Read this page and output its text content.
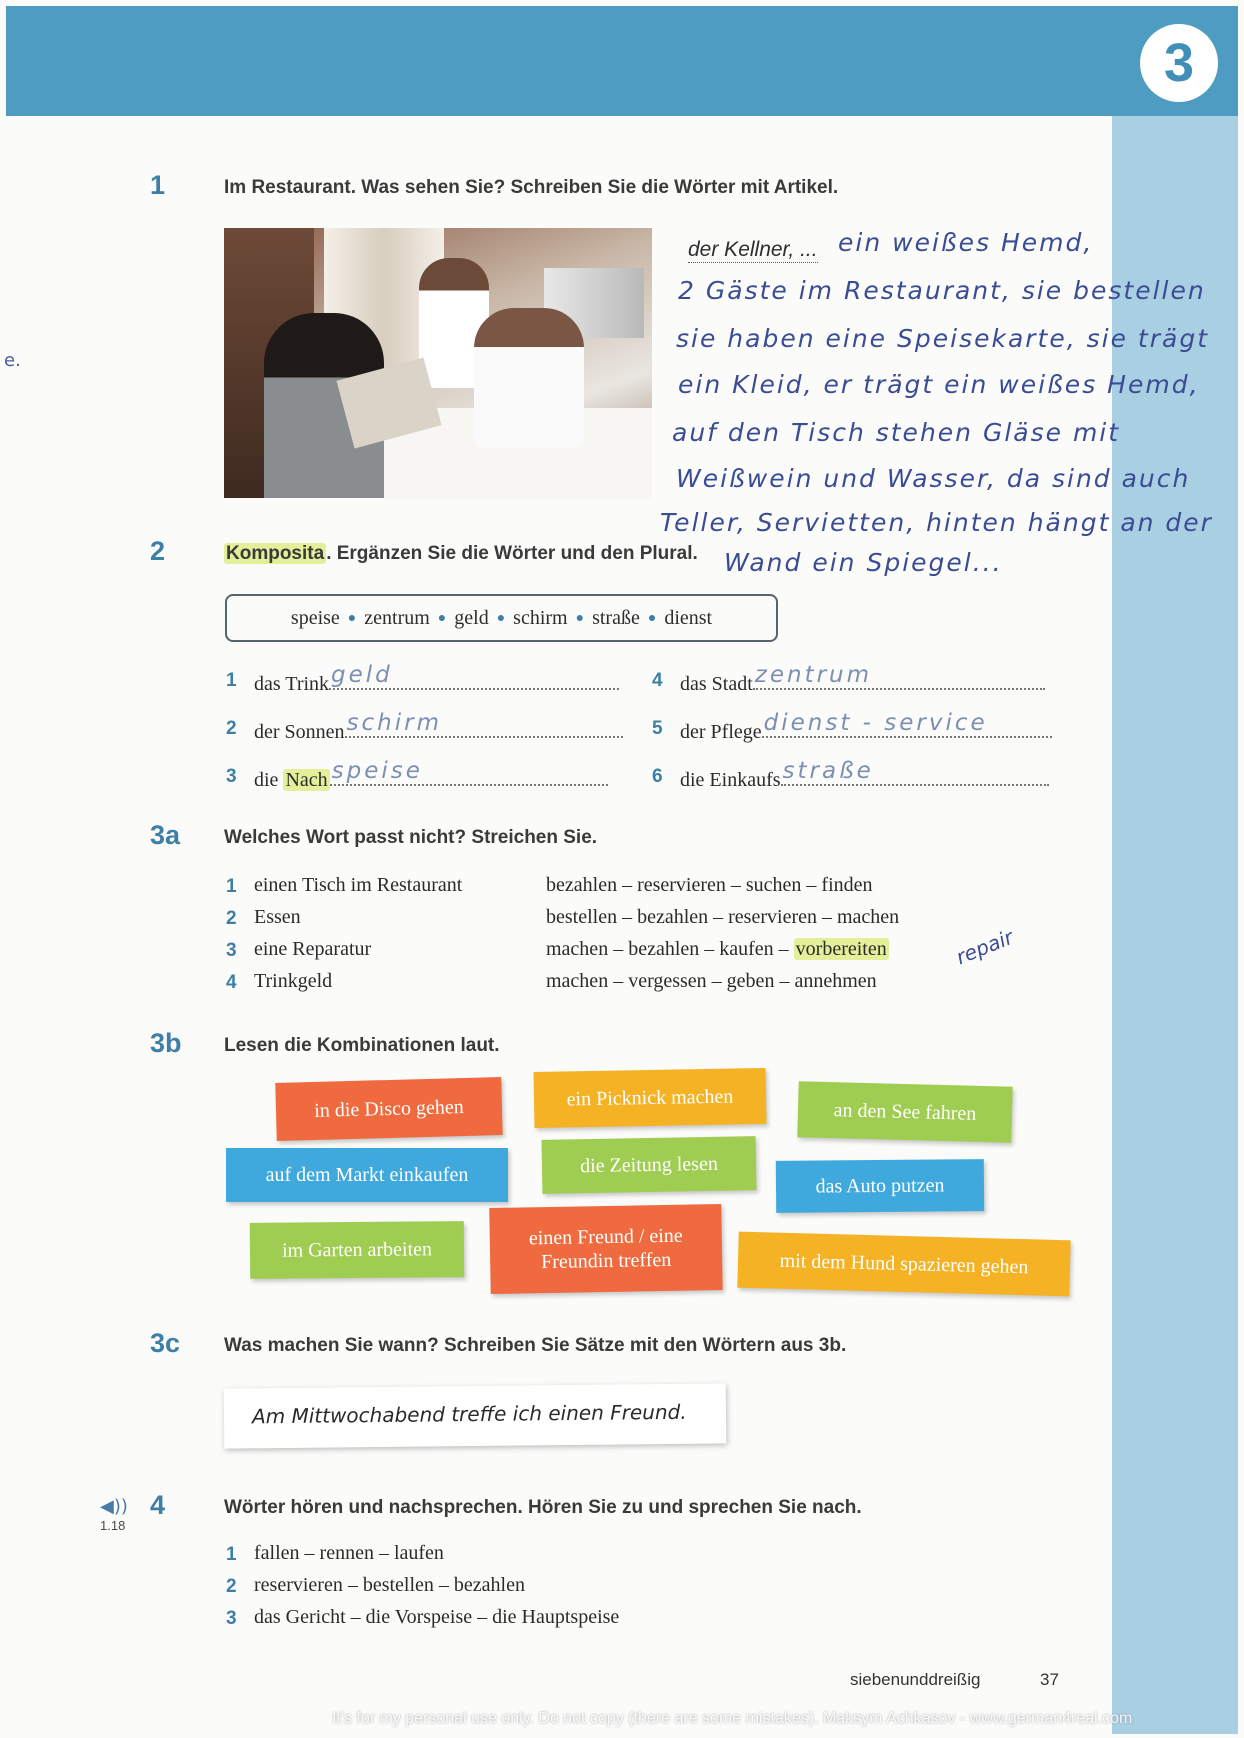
3
e.
1	Im Restaurant. Was sehen Sie? Schreiben Sie die Wörter mit Artikel.
der Kellner, ... ein weißes Hemd,
2 Gäste im Restaurant, sie bestellen
sie haben eine Speisekarte, sie trägt
ein Kleid, er trägt ein weißes Hemd,
auf den Tisch stehen Gläse mit
Weißwein und Wasser, da sind auch
Teller, Servietten, hinten hängt an der
Wand ein Spiegel...
2	Komposita . Ergänzen Sie die Wörter und den Plural.
speise ● zentrum ● geld ● schirm ● straße ● dienst
1 das Trink geld
2 der Sonnen schirm
3 die Nach speise
4 das Stadt zentrum
5 der Pflege dienst - service
6 die Einkaufs straße
3a Welches Wort passt nicht? Streichen Sie.
1 einen Tisch im Restaurant	bezahlen – reservieren – suchen – finden
2 Essen	bestellen – bezahlen – reservieren – machen
3 eine Reparatur	machen – bezahlen – kaufen – vorbereiten
4 Trinkgeld	machen – vergessen – geben – annehmen
repair
3b Lesen die Kombinationen laut.
in die Disco gehen	ein Picknick machen
an den See fahren
auf dem Markt einkaufen	die Zeitung lesen
das Auto putzen
im Garten arbeiten
einen Freund / eine Freundin treffen	mit dem Hund spazieren gehen
3c Was machen Sie wann? Schreiben Sie Sätze mit den Wörtern aus 3b.
Am Mittwochabend treffe ich einen Freund.
◀))
1.18
4	Wörter hören und nachsprechen. Hören Sie zu und sprechen Sie nach.
1 fallen – rennen – laufen
2 reservieren – bestellen – bezahlen
3 das Gericht – die Vorspeise – die Hauptspeise
siebenunddreißig	37
It's for my personal use only. Do not copy (there are some mistakes). Maksym Achkasov - www.german4real.com
